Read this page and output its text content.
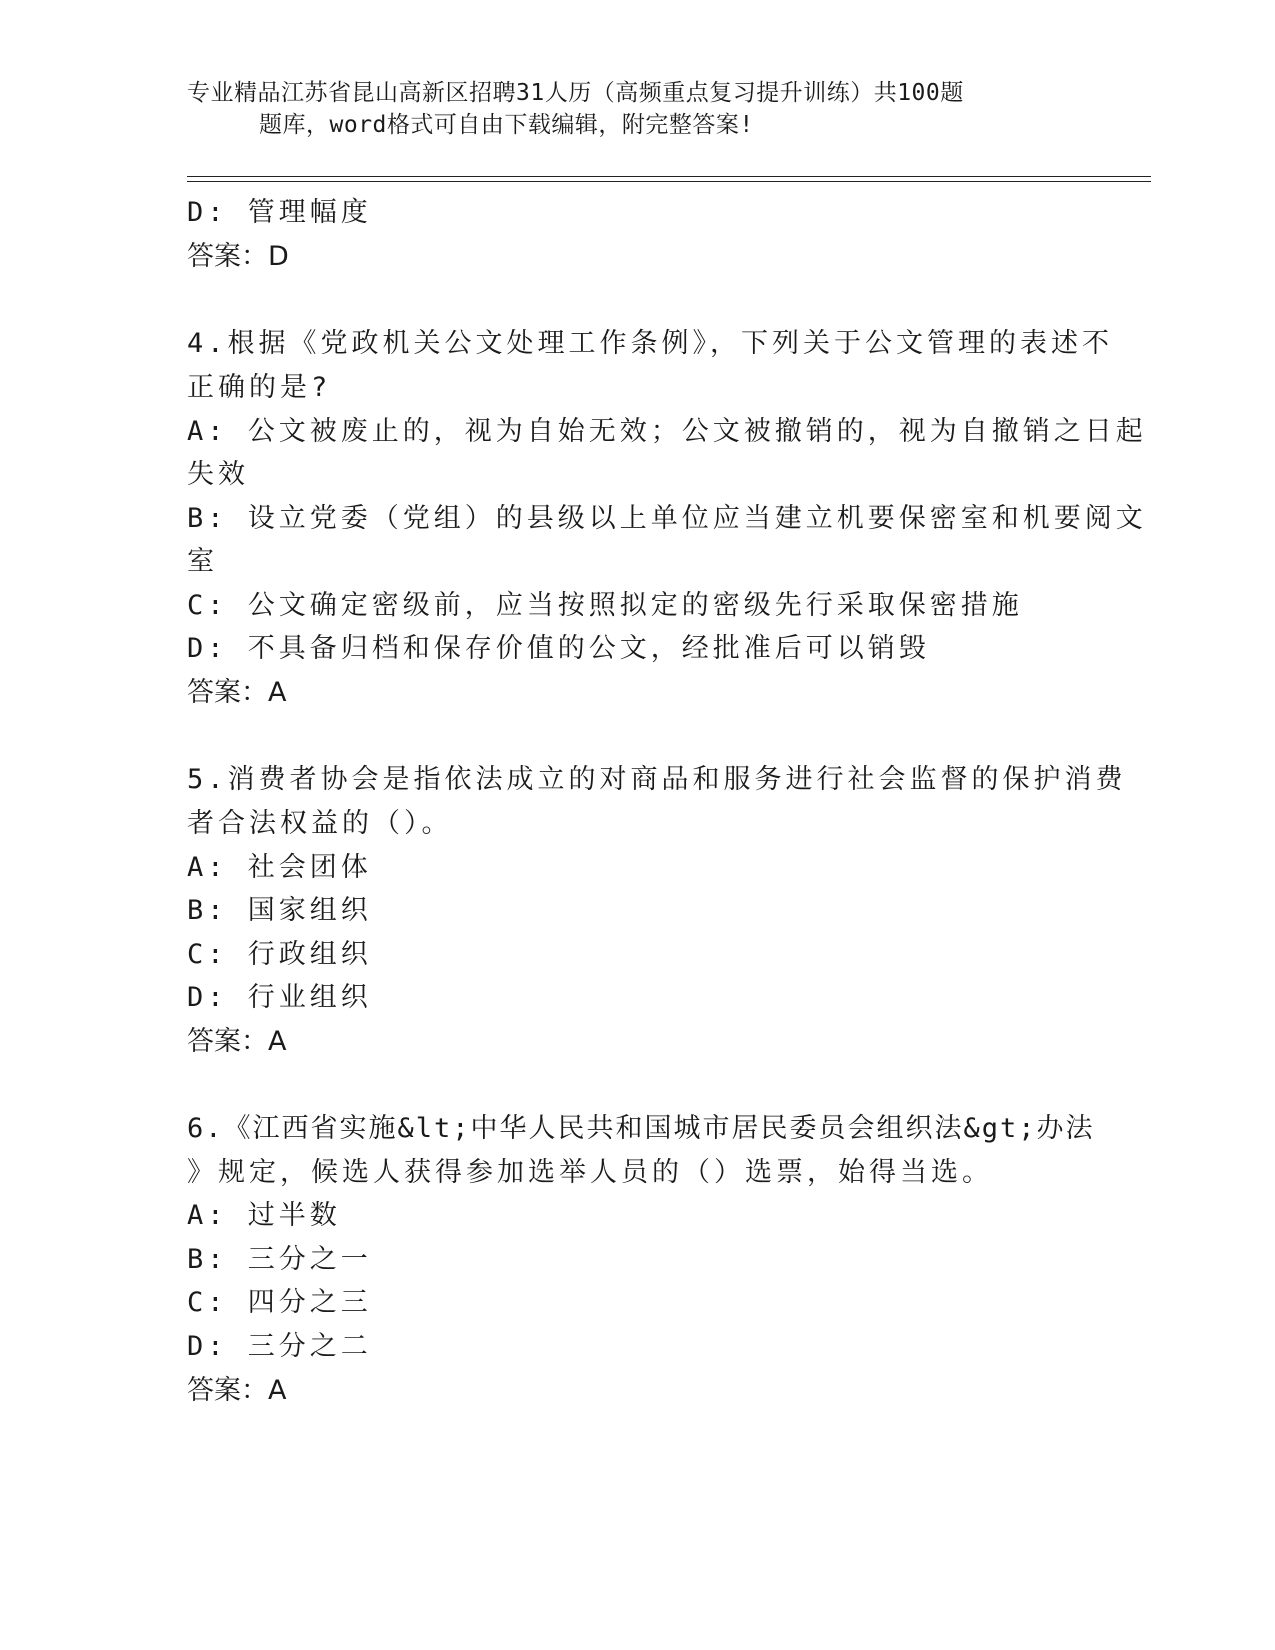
专业精品江苏省昆山高新区招聘31人历（高频重点复习提升训练）共100题
题库，word格式可自由下载编辑，附完整答案!
D: 管理幅度
答案：D
4.根据《党政机关公文处理工作条例》，下列关于公文管理的表述不
正确的是?
A: 公文被废止的，视为自始无效；公文被撤销的，视为自撤销之日起
失效
B: 设立党委（党组）的县级以上单位应当建立机要保密室和机要阅文
室
C: 公文确定密级前，应当按照拟定的密级先行采取保密措施
D: 不具备归档和保存价值的公文，经批准后可以销毁
答案：A
5.消费者协会是指依法成立的对商品和服务进行社会监督的保护消费
者合法权益的（）。
A: 社会团体
B: 国家组织
C: 行政组织
D: 行业组织
答案：A
6.《江西省实施&lt;中华人民共和国城市居民委员会组织法&gt;办法
》规定，候选人获得参加选举人员的（）选票，始得当选。
A: 过半数
B: 三分之一
C: 四分之三
D: 三分之二
答案：A
